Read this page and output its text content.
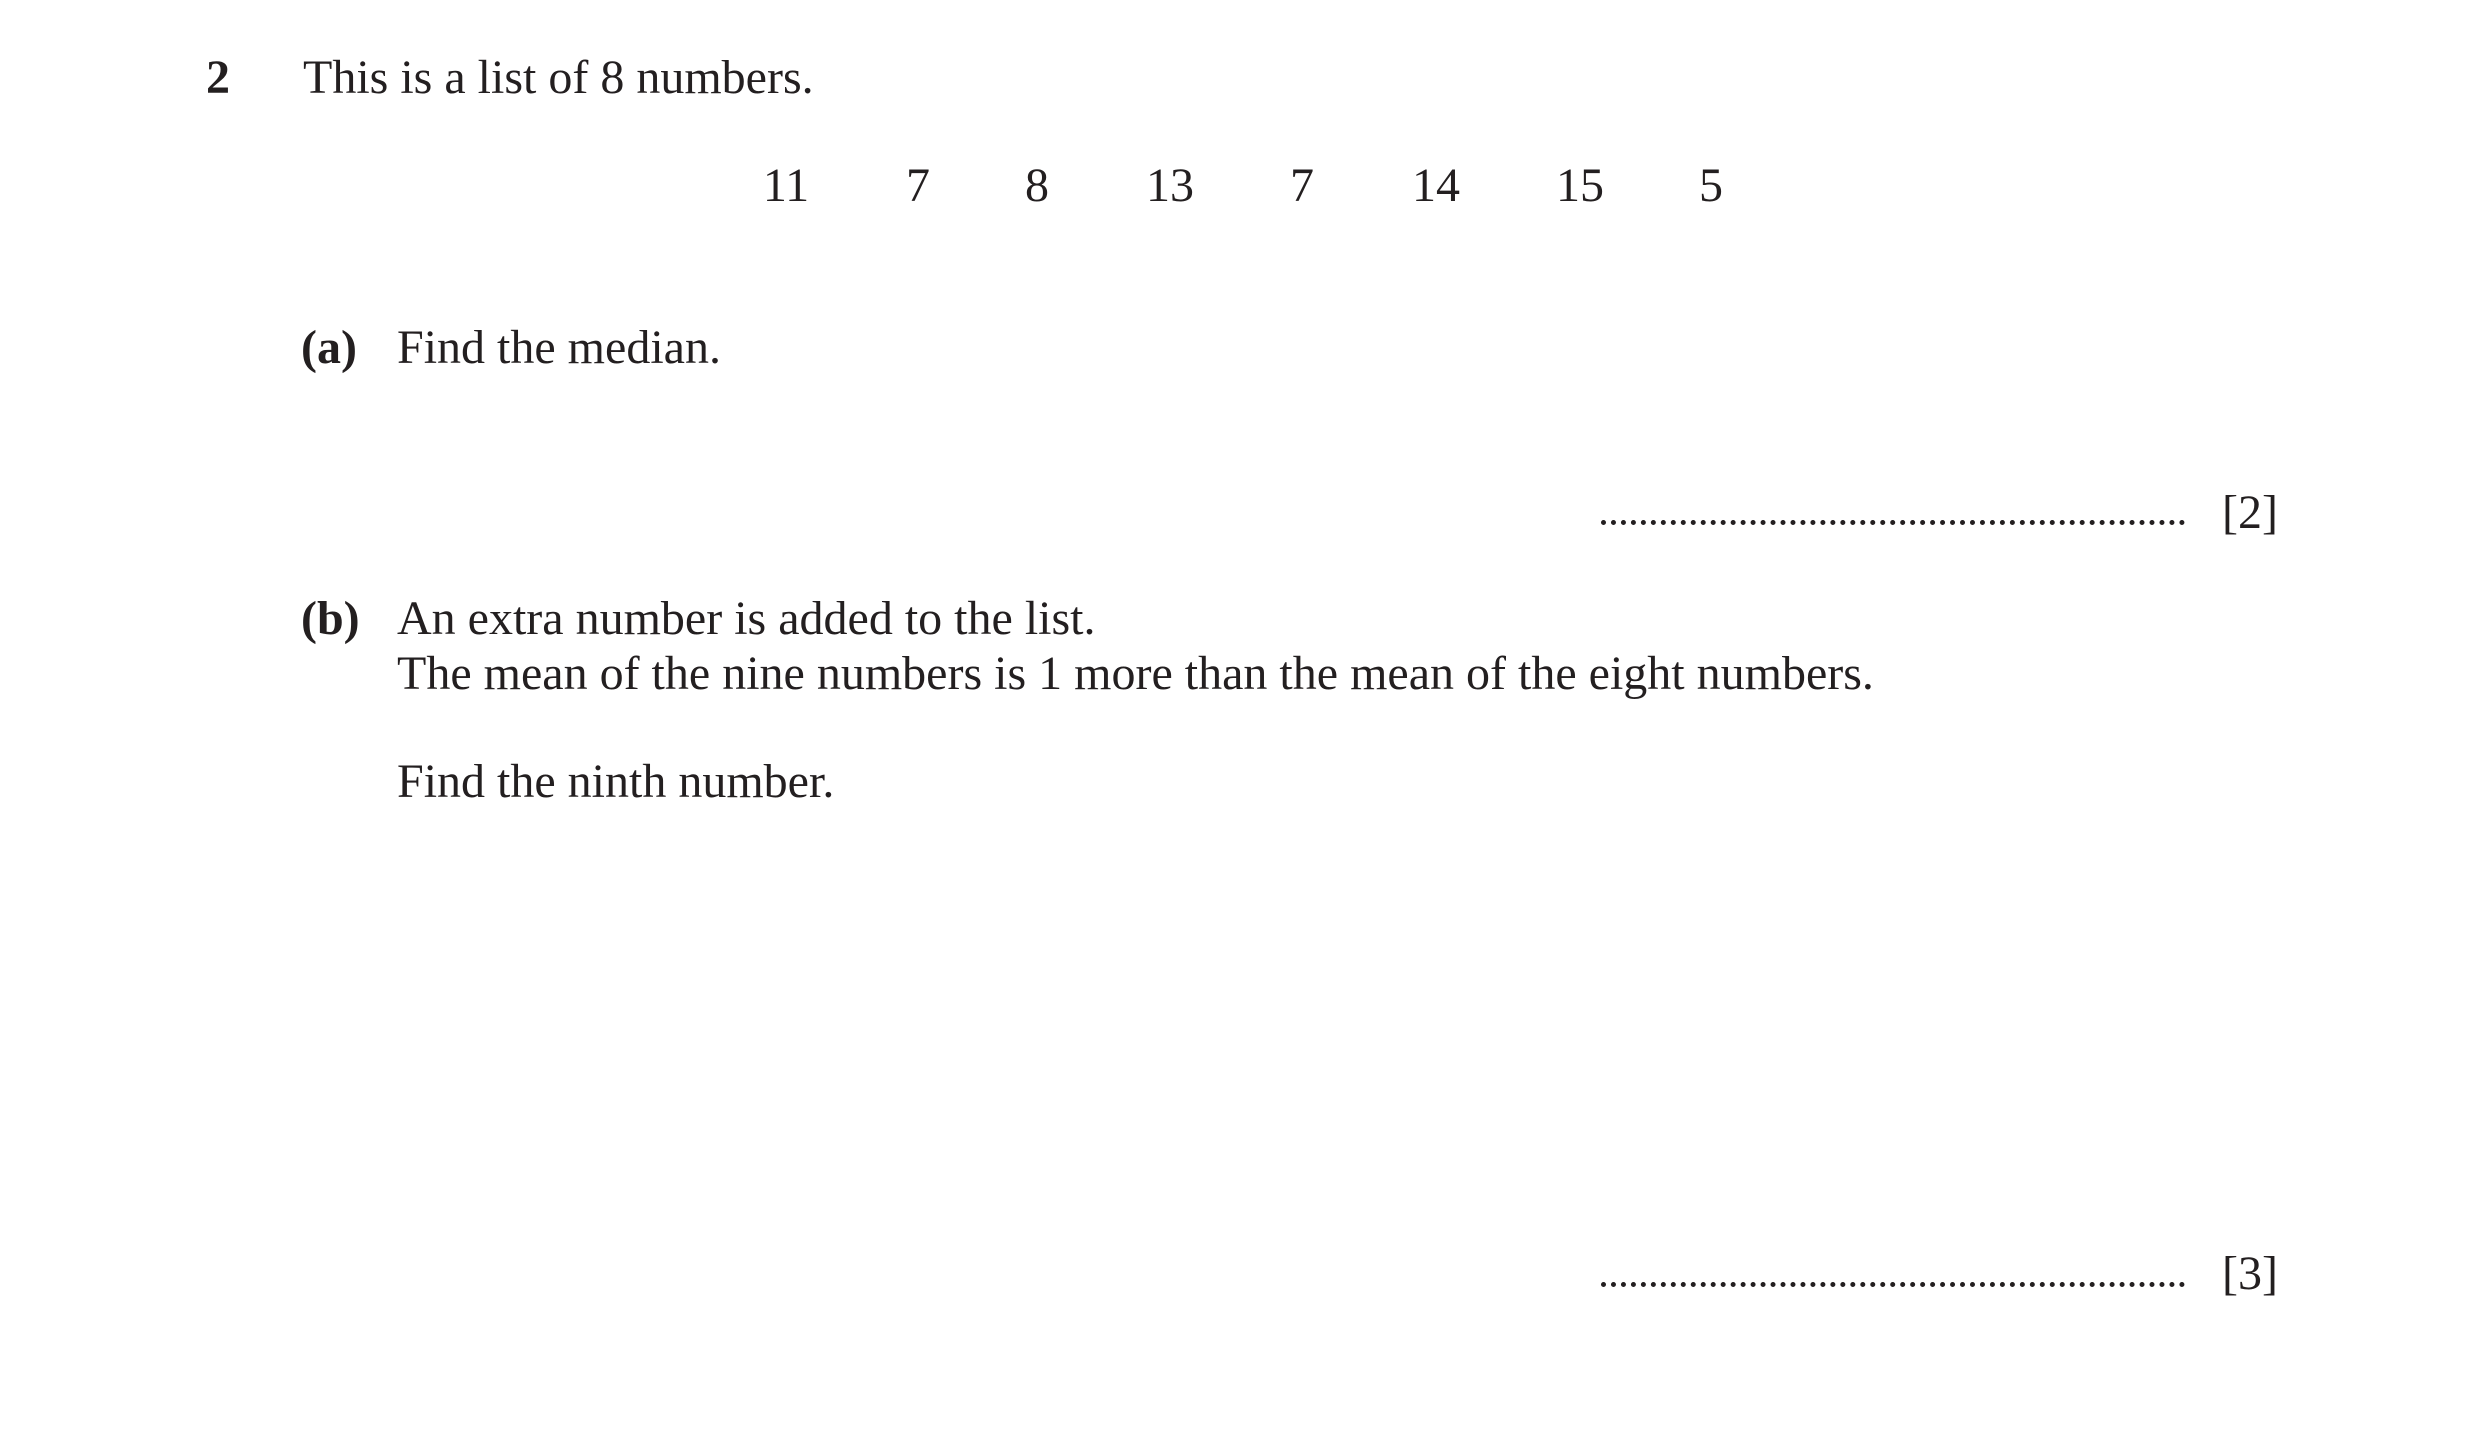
2 This is a list of 8 numbers.
11 7 8 13 7 14 15 5
(a) Find the median.
[2]
(b) An extra number is added to the list.
The mean of the nine numbers is 1 more than the mean of the eight numbers.
Find the ninth number.
[3]
